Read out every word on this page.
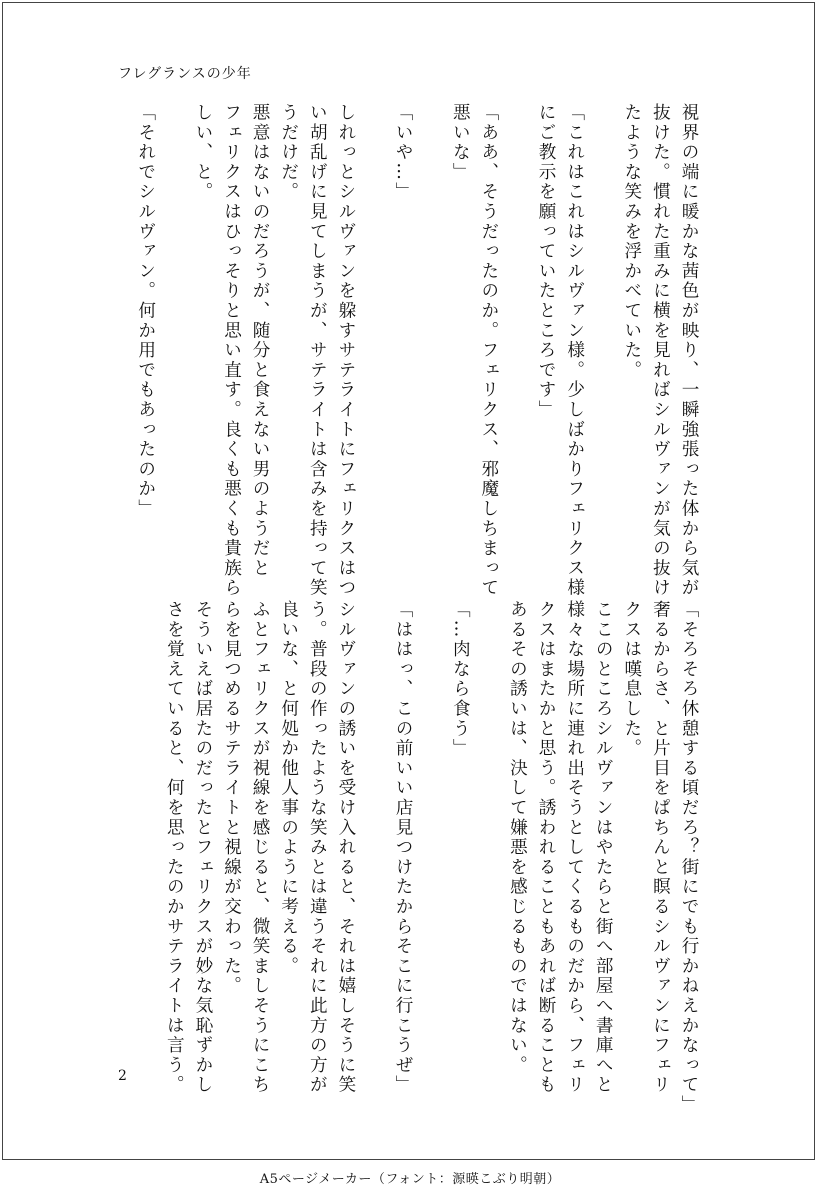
フレグランスの少年
視界の端に暖かな茜色が映り、一瞬強張った体から気が
抜けた。慣れた重みに横を見ればシルヴァンが気の抜け
たような笑みを浮かべていた。
「これはこれはシルヴァン様。少しばかりフェリクス様
にご教示を願っていたところです」
「ああ、そうだったのか。フェリクス、邪魔しちまって
悪いな」
「いや…」
しれっとシルヴァンを躱すサテライトにフェリクスはつ
い胡乱げに見てしまうが、サテライトは含みを持って笑
うだけだ。
悪意はないのだろうが、随分と食えない男のようだと
フェリクスはひっそりと思い直す。良くも悪くも貴族ら
しい、と。
「それでシルヴァン。何か用でもあったのか」
「そろそろ休憩する頃だろ？街にでも行かねえかなって」
奢るからさ、と片目をぱちんと瞑るシルヴァンにフェリ
クスは嘆息した。
ここのところシルヴァンはやたらと街へ部屋へ書庫へと
様々な場所に連れ出そうとしてくるものだから、フェリ
クスはまたかと思う。誘われることもあれば断ることも
あるその誘いは、決して嫌悪を感じるものではない。
「…肉なら食う」
「ははっ、この前いい店見つけたからそこに行こうぜ」
シルヴァンの誘いを受け入れると、それは嬉しそうに笑
う。普段の作ったような笑みとは違うそれに此方の方が
良いな、と何処か他人事のように考える。
ふとフェリクスが視線を感じると、微笑ましそうにこち
らを見つめるサテライトと視線が交わった。
そういえば居たのだったとフェリクスが妙な気恥ずかし
さを覚えていると、何を思ったのかサテライトは言う。
2
A5ページメーカー（フォント：源暎こぶり明朝）
